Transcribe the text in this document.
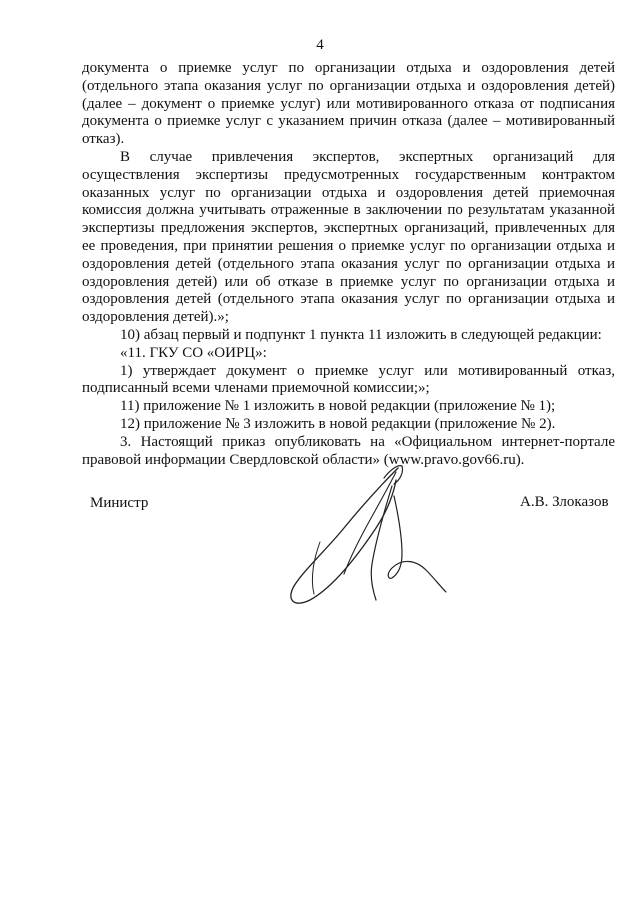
4

документа о приемке услуг по организации отдыха и оздоровления детей (отдельного этапа оказания услуг по организации отдыха и оздоровления детей) (далее – документ о приемке услуг) или мотивированного отказа от подписания документа о приемке услуг с указанием причин отказа (далее – мотивированный отказ).

В случае привлечения экспертов, экспертных организаций для осуществления экспертизы предусмотренных государственным контрактом оказанных услуг по организации отдыха и оздоровления детей приемочная комиссия должна учитывать отраженные в заключении по результатам указанной экспертизы предложения экспертов, экспертных организаций, привлеченных для ее проведения, при принятии решения о приемке услуг по организации отдыха и оздоровления детей (отдельного этапа оказания услуг по организации отдыха и оздоровления детей) или об отказе в приемке услуг по организации отдыха и оздоровления детей (отдельного этапа оказания услуг по организации отдыха и оздоровления детей).»;

10) абзац первый и подпункт 1 пункта 11 изложить в следующей редакции:

«11. ГКУ СО «ОИРЦ»:

1) утверждает документ о приемке услуг или мотивированный отказ, подписанный всеми членами приемочной комиссии;»;

11) приложение № 1 изложить в новой редакции (приложение № 1);

12) приложение № 3 изложить в новой редакции (приложение № 2).

3. Настоящий приказ опубликовать на «Официальном интернет-портале правовой информации Свердловской области» (www.pravo.gov66.ru).

Министр	А.В. Злоказов
